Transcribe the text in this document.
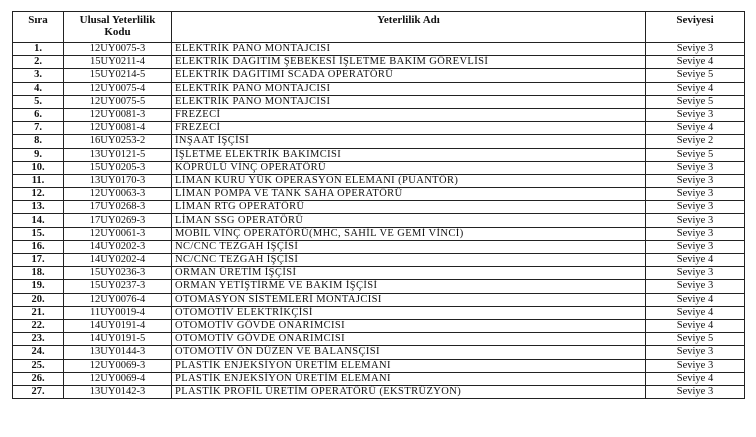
Sıra	Ulusal Yeterlilik Kodu	Yeterlilik Adı	Seviyesi
1.	12UY0075-3	ELEKTRİK PANO MONTAJCISI	Seviye 3
2.	15UY0211-4	ELEKTRİK DAĞITIM ŞEBEKESİ İŞLETME BAKIM GÖREVLİSİ	Seviye 4
3.	15UY0214-5	ELEKTRİK DAĞITIMI SCADA OPERATÖRÜ	Seviye 5
4.	12UY0075-4	ELEKTRİK PANO MONTAJCISI	Seviye 4
5.	12UY0075-5	ELEKTRİK PANO MONTAJCISI	Seviye 5
6.	12UY0081-3	FREZECİ	Seviye 3
7.	12UY0081-4	FREZECİ	Seviye 4
8.	16UY0253-2	İNŞAAT İŞÇİSİ	Seviye 2
9.	13UY0121-5	İŞLETME ELEKTRİK BAKIMCISI	Seviye 5
10.	15UY0205-3	KÖPRÜLÜ VİNÇ OPERATÖRÜ	Seviye 3
11.	13UY0170-3	LİMAN KURU YÜK OPERASYON ELEMANI (PUANTÖR)	Seviye 3
12.	12UY0063-3	LİMAN POMPA VE TANK SAHA OPERATÖRÜ	Seviye 3
13.	17UY0268-3	LİMAN RTG OPERATÖRÜ	Seviye 3
14.	17UY0269-3	LİMAN SSG OPERATÖRÜ	Seviye 3
15.	12UY0061-3	MOBİL VİNÇ OPERATÖRÜ(MHC, SAHİL VE GEMİ VİNCİ)	Seviye 3
16.	14UY0202-3	NC/CNC TEZGAH İŞÇİSİ	Seviye 3
17.	14UY0202-4	NC/CNC TEZGAH İŞÇİSİ	Seviye 4
18.	15UY0236-3	ORMAN ÜRETİM İŞÇİSİ	Seviye 3
19.	15UY0237-3	ORMAN YETİŞTİRME VE BAKIM İŞÇİSİ	Seviye 3
20.	12UY0076-4	OTOMASYON SİSTEMLERİ MONTAJCISI	Seviye 4
21.	11UY0019-4	OTOMOTİV ELEKTRİKÇİSİ	Seviye 4
22.	14UY0191-4	OTOMOTİV GÖVDE ONARIMCISI	Seviye 4
23.	14UY0191-5	OTOMOTİV GÖVDE ONARIMCISI	Seviye 5
24.	13UY0144-3	OTOMOTİV ÖN DÜZEN VE BALANSÇISI	Seviye 3
25.	12UY0069-3	PLASTİK ENJEKSİYON ÜRETİM ELEMANI	Seviye 3
26.	12UY0069-4	PLASTİK ENJEKSİYON ÜRETİM ELEMANI	Seviye 4
27.	13UY0142-3	PLASTİK PROFİL ÜRETİM OPERATÖRÜ (EKSTRÜZYON)	Seviye 3
